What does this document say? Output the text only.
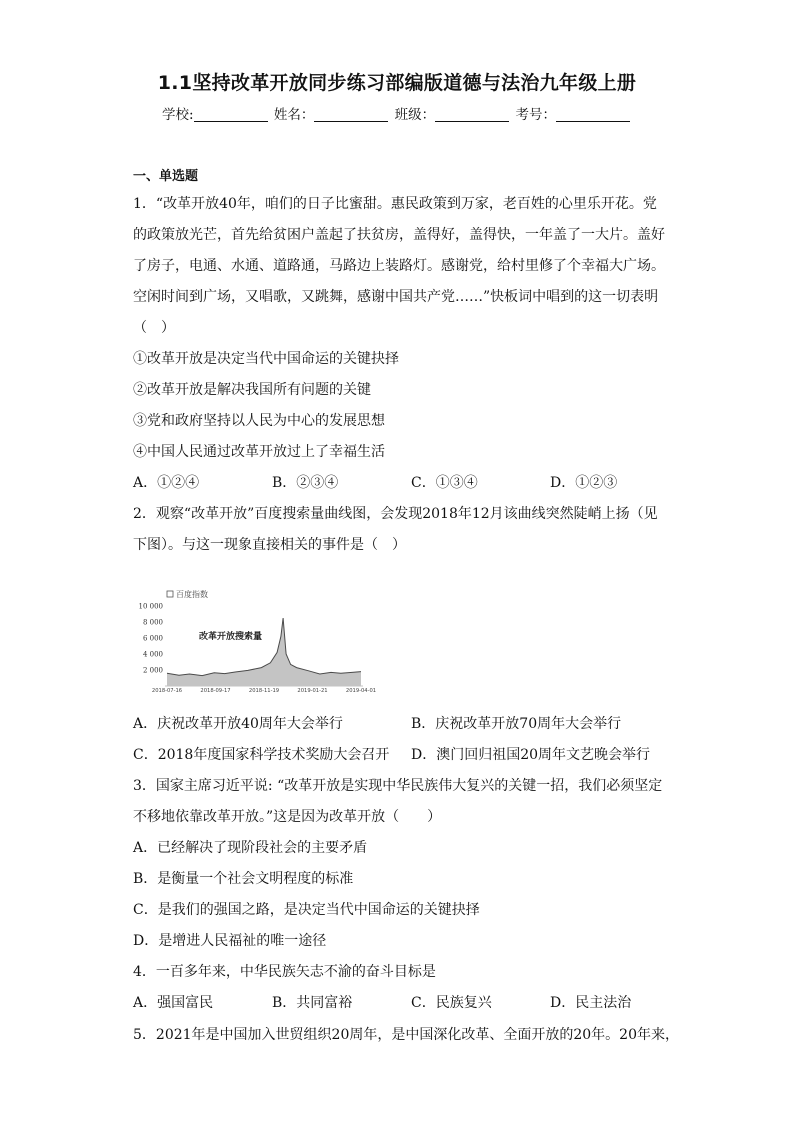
1.1坚持改革开放同步练习部编版道德与法治九年级上册
学校:	姓名：	班级：	考号：
一、单选题
1．“改革开放40年，咱们的日子比蜜甜。惠民政策到万家，老百姓的心里乐开花。党
的政策放光芒，首先给贫困户盖起了扶贫房，盖得好，盖得快，一年盖了一大片。盖好
了房子，电通、水通、道路通，马路边上装路灯。感谢党，给村里修了个幸福大广场。
空闲时间到广场，又唱歌，又跳舞，感谢中国共产党……”快板词中唱到的这一切表明
（　）
①改革开放是决定当代中国命运的关键抉择
②改革开放是解决我国所有问题的关键
③党和政府坚持以人民为中心的发展思想
④中国人民通过改革开放过上了幸福生活
A．①②④	B．②③④	C．①③④	D．①②③
2．观察“改革开放”百度搜索量曲线图，会发现2018年12月该曲线突然陡峭上扬（见
下图）。与这一现象直接相关的事件是（　）
百度指数
10 000
8 000
6 000
4 000
2 000
2018-07-16	2018-09-17	2018-11-19	2019-01-21	2019-04-01
改革开放搜索量
A．庆祝改革开放40周年大会举行	B．庆祝改革开放70周年大会举行
C．2018年度国家科学技术奖励大会召开 D．澳门回归祖国20周年文艺晚会举行
3．国家主席习近平说: “改革开放是实现中华民族伟大复兴的关键一招，我们必须坚定
不移地依靠改革开放。”这是因为改革开放（　　）
A．已经解决了现阶段社会的主要矛盾
B．是衡量一个社会文明程度的标准
C．是我们的强国之路，是决定当代中国命运的关键抉择
D．是增进人民福祉的唯一途径
4．一百多年来，中华民族矢志不渝的奋斗目标是
A．强国富民	B．共同富裕	C．民族复兴	D．民主法治
5．2021年是中国加入世贸组织20周年，是中国深化改革、全面开放的20年。20年来，
